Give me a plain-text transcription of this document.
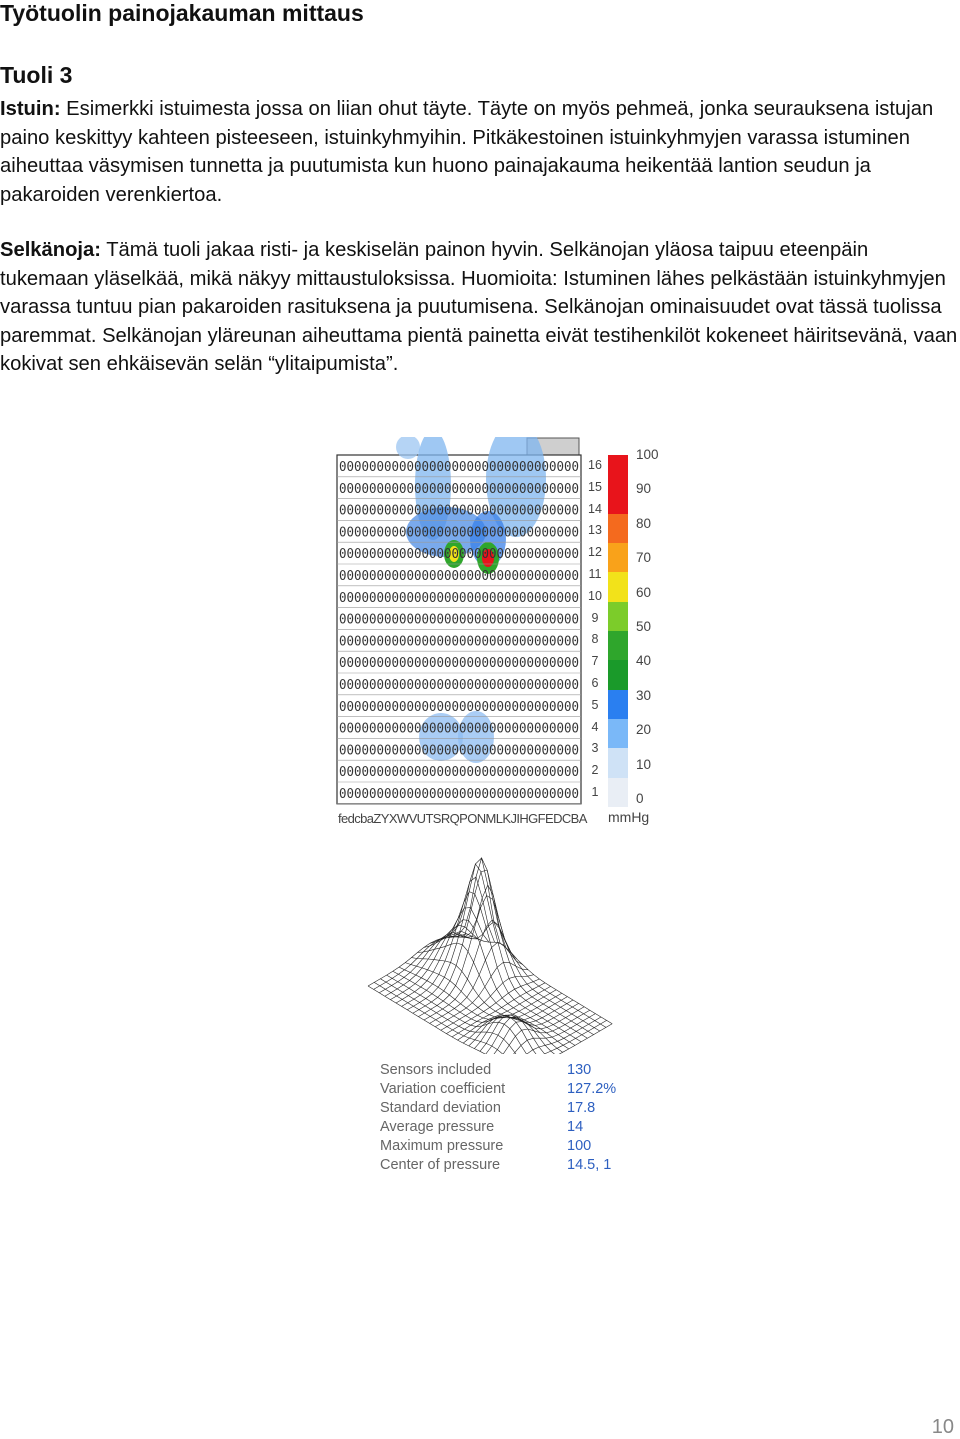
Työtuolin painojakauman mittaus
Tuoli 3

Istuin: Esimerkki istuimesta jossa on liian ohut täyte. Täyte on myös pehmeä, jonka seurauksena istujan paino keskittyy kahteen pisteeseen, istuinkyhmyihin. Pitkäkestoinen istuinkyhmyjen varassa istuminen aiheuttaa väsymisen tunnetta ja puutumista kun huono painajakauma heikentää lantion seudun ja pakaroiden verenkiertoa.

Selkänoja: Tämä tuoli jakaa risti- ja keskiselän painon hyvin. Selkänojan yläosa taipuu eteenpäin tukemaan yläselkää, mikä näkyy mittaustuloksissa. Huomioita: Istuminen lähes pelkästään istuinkyhmyjen varassa tuntuu pian pakaroiden rasituksena ja puutumisena. Selkänojan ominaisuudet ovat tässä tuolissa paremmat. Selkänojan yläreunan aiheuttama pientä painetta eivät testihenkilöt kokeneet häiritsevänä, vaan kokivat sen ehkäisevän selän “ylitaipumista”.

00000000000000000000000000000000
00000000000000000000000000000000
00000000000000000000000000000000
00000000000000000000000000000000
00000000000000000000000000000000
00000000000000000000000000000000
00000000000000000000000000000000
00000000000000000000000000000000
00000000000000000000000000000000
00000000000000000000000000000000
00000000000000000000000000000000
00000000000000000000000000000000
00000000000000000000000000000000
00000000000000000000000000000000
00000000000000000000000000000000
00000000000000000000000000000000
16
15
14
13
12
11
10
9
8
7
6
5
4
3
2
1
100
90
80
70
60
50
40
30
20
10
0
mmHg
fedcbaZYXWVUTSRQPONMLKJIHGFEDCBA
Sensors included	130
Variation coefficient	127.2%
Standard deviation	17.8
Average pressure	14
Maximum pressure	100
Center of pressure	14.5, 1
10
